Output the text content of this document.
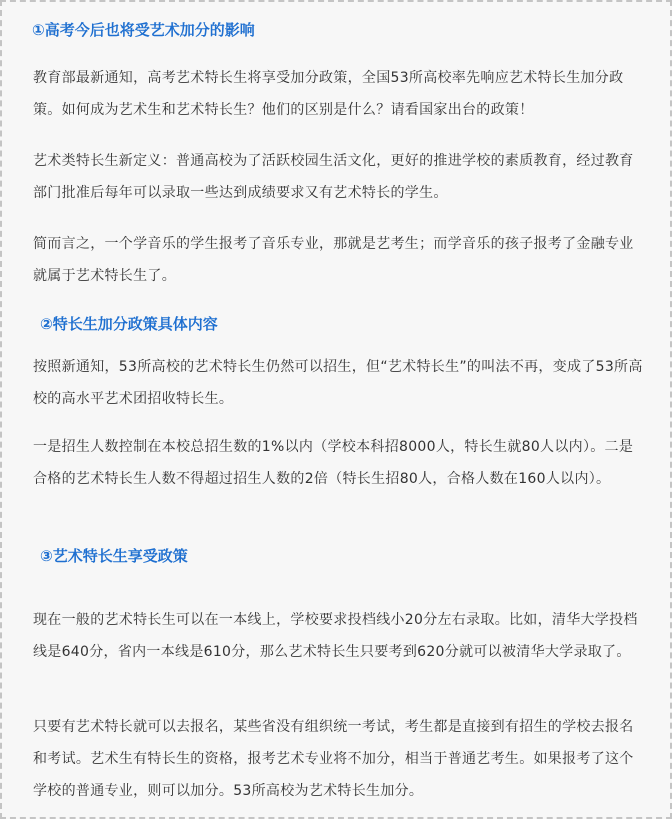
①高考今后也将受艺术加分的影响

教育部最新通知，高考艺术特长生将享受加分政策，全国53所高校率先响应艺术特长生加分政策。如何成为艺术生和艺术特长生？他们的区别是什么？请看国家出台的政策！

艺术类特长生新定义：普通高校为了活跃校园生活文化，更好的推进学校的素质教育，经过教育部门批准后每年可以录取一些达到成绩要求又有艺术特长的学生。

简而言之，一个学音乐的学生报考了音乐专业，那就是艺考生；而学音乐的孩子报考了金融专业就属于艺术特长生了。

②特长生加分政策具体内容

按照新通知，53所高校的艺术特长生仍然可以招生，但“艺术特长生”的叫法不再，变成了53所高校的高水平艺术团招收特长生。

一是招生人数控制在本校总招生数的1%以内（学校本科招8000人，特长生就80人以内）。二是合格的艺术特长生人数不得超过招生人数的2倍（特长生招80人，合格人数在160人以内）。

③艺术特长生享受政策

现在一般的艺术特长生可以在一本线上，学校要求投档线小20分左右录取。比如，清华大学投档线是640分，省内一本线是610分，那么艺术特长生只要考到620分就可以被清华大学录取了。

只要有艺术特长就可以去报名，某些省没有组织统一考试，考生都是直接到有招生的学校去报名和考试。艺术生有特长生的资格，报考艺术专业将不加分，相当于普通艺考生。如果报考了这个学校的普通专业，则可以加分。53所高校为艺术特长生加分。
